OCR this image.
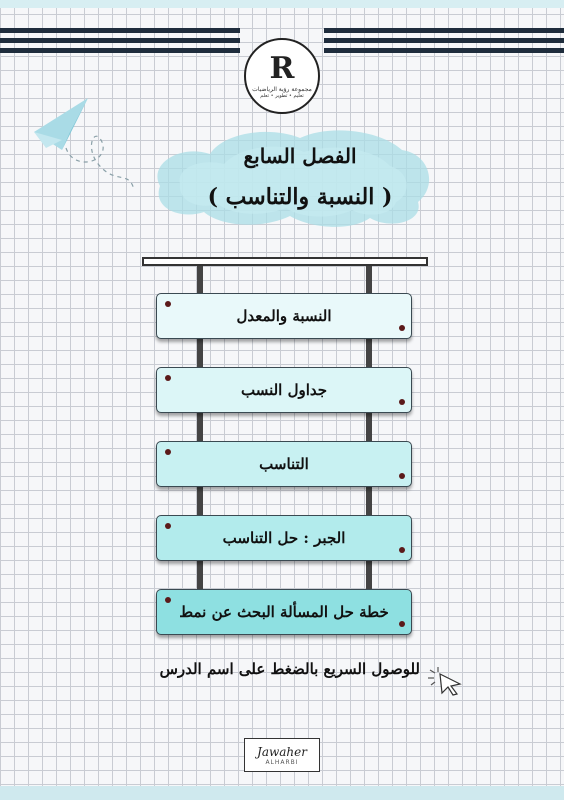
R
مجموعة رؤية الرياضيات
تعليم • تطوير • تعلم
الفصل السابع
( النسبة والتناسب )
النسبة والمعدل
جداول النسب
التناسب
الجبر : حل التناسب
خطة حل المسألة البحث عن نمط
للوصول السريع بالضغط على اسم الدرس
Jawaher
ALHARBI
